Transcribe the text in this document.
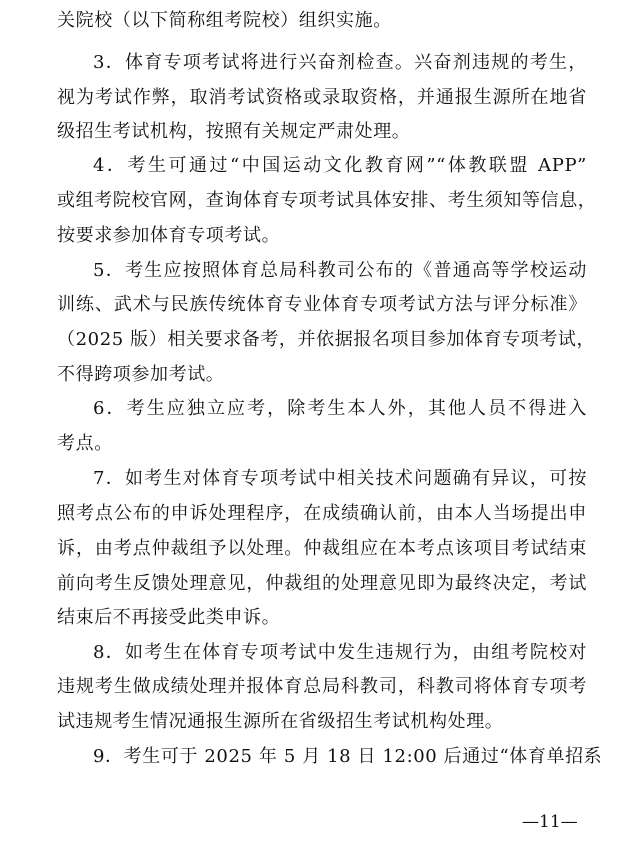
关院校（以下简称组考院校）组织实施。
3．体育专项考试将进行兴奋剂检查。兴奋剂违规的考生，
视为考试作弊，取消考试资格或录取资格，并通报生源所在地省
级招生考试机构，按照有关规定严肃处理。
4．考生可通过“中国运动文化教育网”“体教联盟 APP”
或组考院校官网，查询体育专项考试具体安排、考生须知等信息，
按要求参加体育专项考试。
5．考生应按照体育总局科教司公布的《普通高等学校运动
训练、武术与民族传统体育专业体育专项考试方法与评分标准》
（2025 版）相关要求备考，并依据报名项目参加体育专项考试，
不得跨项参加考试。
6．考生应独立应考，除考生本人外，其他人员不得进入
考点。
7．如考生对体育专项考试中相关技术问题确有异议，可按
照考点公布的申诉处理程序，在成绩确认前，由本人当场提出申
诉，由考点仲裁组予以处理。仲裁组应在本考点该项目考试结束
前向考生反馈处理意见，仲裁组的处理意见即为最终决定，考试
结束后不再接受此类申诉。
8．如考生在体育专项考试中发生违规行为，由组考院校对
违规考生做成绩处理并报体育总局科教司，科教司将体育专项考
试违规考生情况通报生源所在省级招生考试机构处理。
9．考生可于 2025 年 5 月 18 日 12:00 后通过“体育单招系
—11—
